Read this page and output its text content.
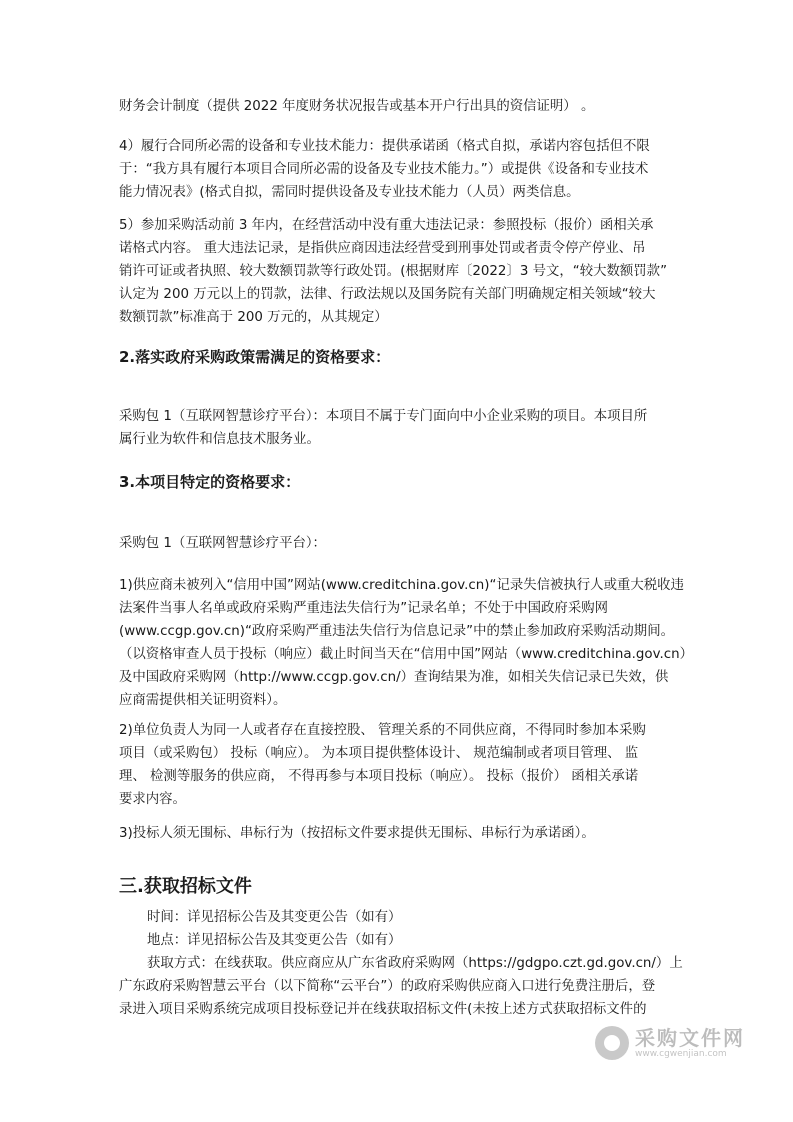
财务会计制度（提供 2022 年度财务状况报告或基本开户行出具的资信证明） 。
4）履行合同所必需的设备和专业技术能力：提供承诺函（格式自拟，承诺内容包括但不限
于：“我方具有履行本项目合同所必需的设备及专业技术能力。”）或提供《设备和专业技术
能力情况表》(格式自拟，需同时提供设备及专业技术能力（人员）两类信息。
5）参加采购活动前 3 年内，在经营活动中没有重大违法记录：参照投标（报价）函相关承
诺格式内容。 重大违法记录，是指供应商因违法经营受到刑事处罚或者责令停产停业、吊
销许可证或者执照、较大数额罚款等行政处罚。(根据财库〔2022〕3 号文，“较大数额罚款”
认定为 200 万元以上的罚款，法律、行政法规以及国务院有关部门明确规定相关领域“较大
数额罚款”标准高于 200 万元的，从其规定）
2.落实政府采购政策需满足的资格要求：
采购包 1（互联网智慧诊疗平台）：本项目不属于专门面向中小企业采购的项目。本项目所
属行业为软件和信息技术服务业。
3.本项目特定的资格要求：
采购包 1（互联网智慧诊疗平台）：
1)供应商未被列入“信用中国”网站(www.creditchina.gov.cn)“记录失信被执行人或重大税收违
法案件当事人名单或政府采购严重违法失信行为”记录名单；不处于中国政府采购网
(www.ccgp.gov.cn)“政府采购严重违法失信行为信息记录”中的禁止参加政府采购活动期间。
（以资格审查人员于投标（响应）截止时间当天在“信用中国”网站（www.creditchina.gov.cn）
及中国政府采购网（http://www.ccgp.gov.cn/）查询结果为准，如相关失信记录已失效，供
应商需提供相关证明资料）。
2)单位负责人为同一人或者存在直接控股、 管理关系的不同供应商，不得同时参加本采购
项目（或采购包） 投标（响应）。 为本项目提供整体设计、 规范编制或者项目管理、 监
理、 检测等服务的供应商， 不得再参与本项目投标（响应）。 投标（报价） 函相关承诺
要求内容。
3)投标人须无围标、串标行为（按招标文件要求提供无围标、串标行为承诺函）。
三.获取招标文件
时间：详见招标公告及其变更公告（如有）
地点：详见招标公告及其变更公告（如有）
获取方式：在线获取。供应商应从广东省政府采购网（https://gdgpo.czt.gd.gov.cn/）上
广东政府采购智慧云平台（以下简称“云平台”）的政府采购供应商入口进行免费注册后，登
录进入项目采购系统完成项目投标登记并在线获取招标文件(未按上述方式获取招标文件的
采购文件网
www.cgwenjian.com
